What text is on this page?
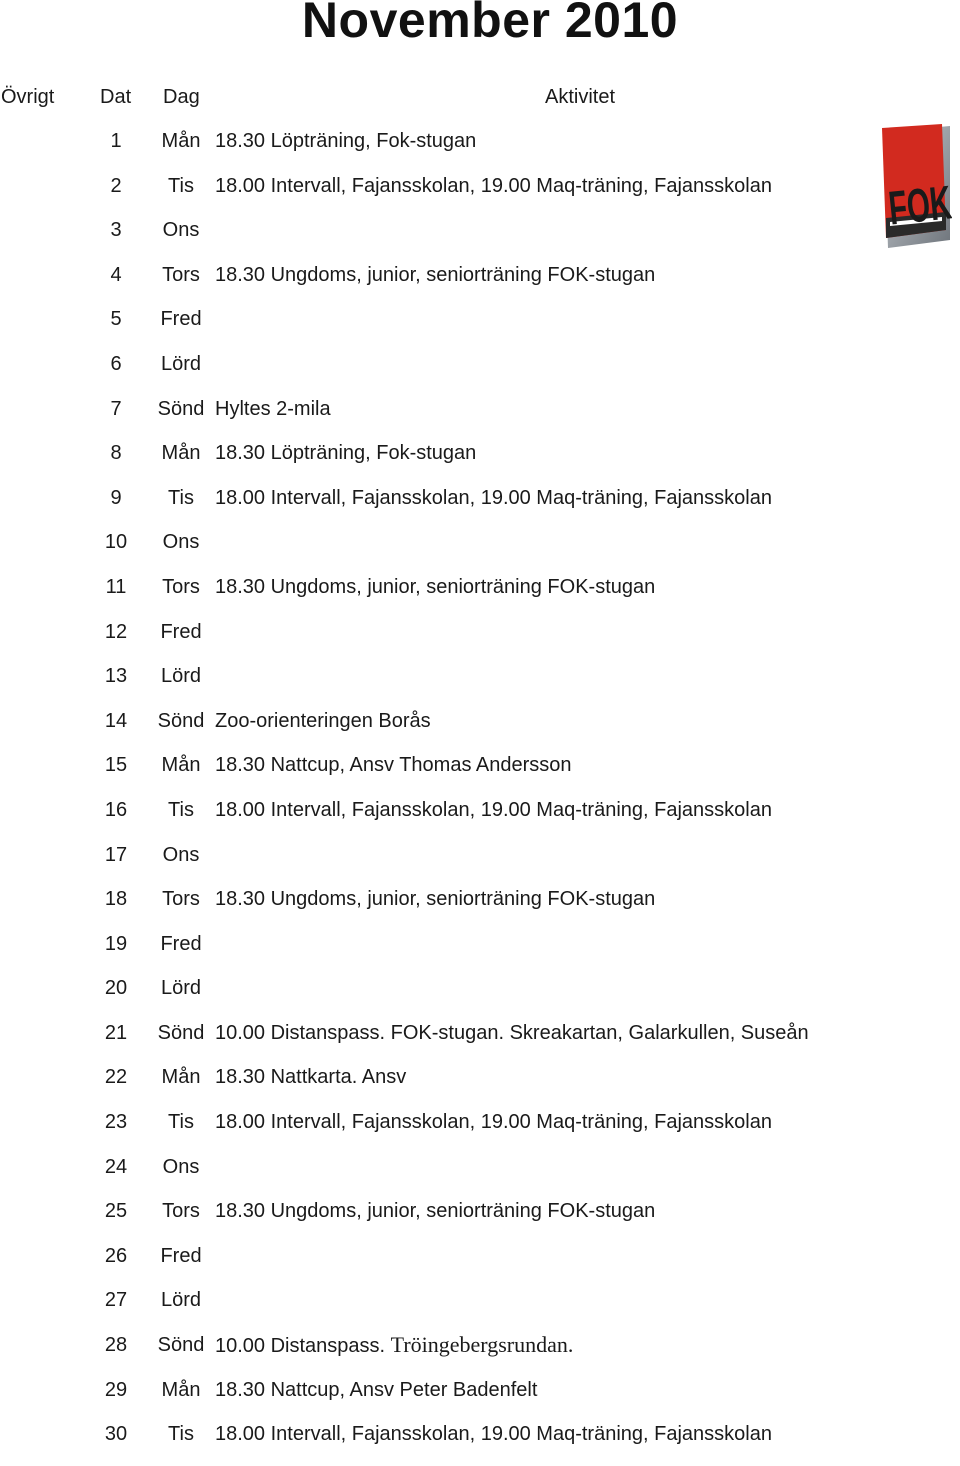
November 2010
Övrigt Dat Dag	Aktivitet
1	Mån 18.30 Löpträning, Fok-stugan
2	Tis	18.00 Intervall, Fajansskolan, 19.00 Maq-träning, Fajansskolan
3	Ons
4	Tors 18.30 Ungdoms, junior, seniorträning FOK-stugan
5	Fred
6	Lörd
7	Sönd Hyltes 2-mila
8	Mån 18.30 Löpträning, Fok-stugan
9	Tis	18.00 Intervall, Fajansskolan, 19.00 Maq-träning, Fajansskolan
10	Ons
11	Tors 18.30 Ungdoms, junior, seniorträning FOK-stugan
12	Fred
13	Lörd
14	Sönd Zoo-orienteringen Borås
15	Mån 18.30 Nattcup, Ansv Thomas Andersson
16	Tis	18.00 Intervall, Fajansskolan, 19.00 Maq-träning, Fajansskolan
17	Ons
18	Tors 18.30 Ungdoms, junior, seniorträning FOK-stugan
19	Fred
20	Lörd
21	Sönd 10.00 Distanspass. FOK-stugan. Skreakartan, Galarkullen, Suseån
22	Mån 18.30 Nattkarta. Ansv
23	Tis	18.00 Intervall, Fajansskolan, 19.00 Maq-träning, Fajansskolan
24	Ons
25	Tors 18.30 Ungdoms, junior, seniorträning FOK-stugan
26	Fred
27	Lörd
28	Sönd 10.00 Distanspass. Tröingebergsrundan.
29	Mån 18.30 Nattcup, Ansv Peter Badenfelt
30	Tis	18.00 Intervall, Fajansskolan, 19.00 Maq-träning, Fajansskolan
FOK
